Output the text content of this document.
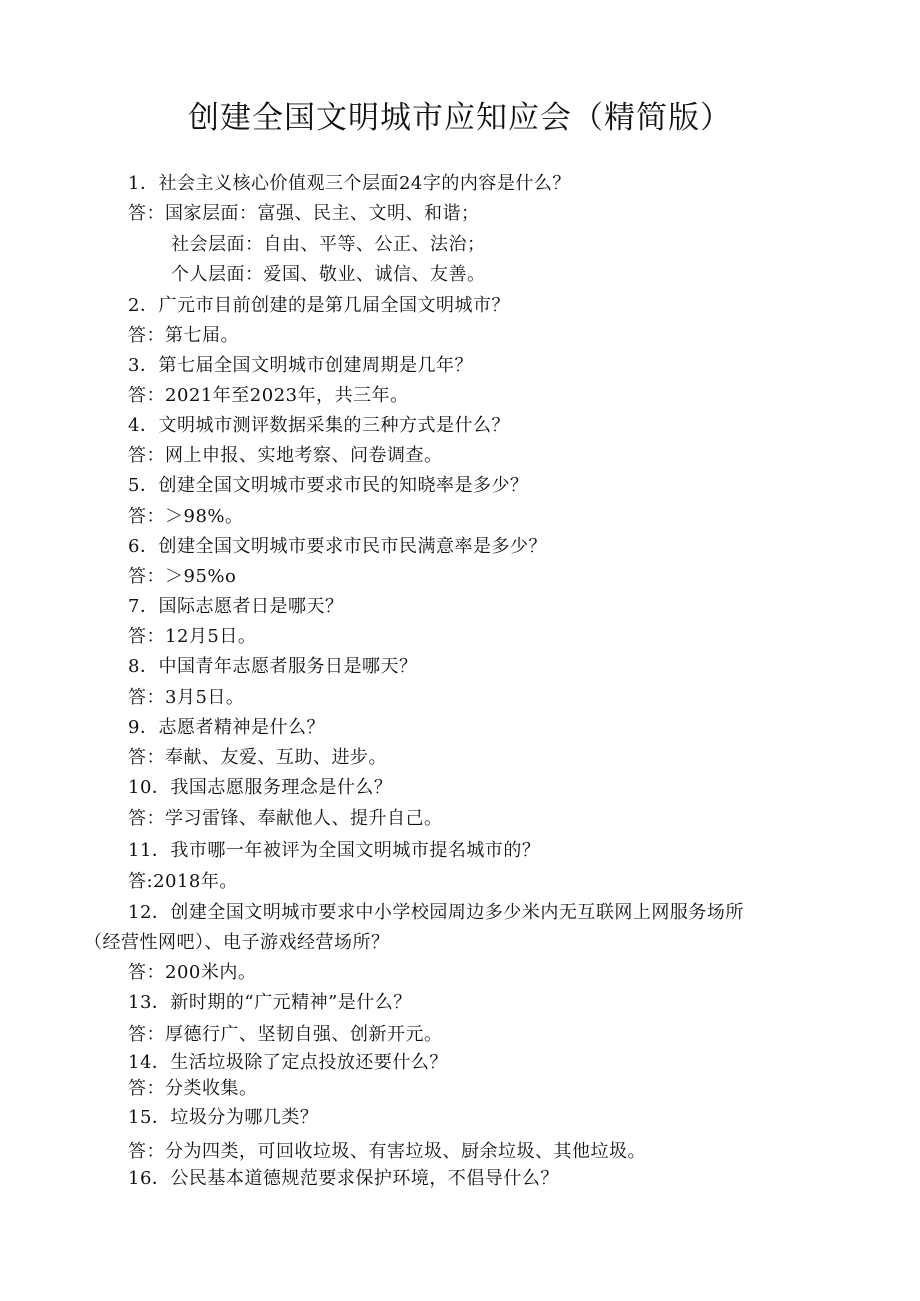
创建全国文明城市应知应会（精简版）
1．社会主义核心价值观三个层面24字的内容是什么？
答：国家层面：富强、民主、文明、和谐；
社会层面：自由、平等、公正、法治；
个人层面：爱国、敬业、诚信、友善。
2．广元市目前创建的是第几届全国文明城市？
答：第七届。
3．第七届全国文明城市创建周期是几年？
答：2021年至2023年，共三年。
4．文明城市测评数据采集的三种方式是什么？
答：网上申报、实地考察、问卷调查。
5．创建全国文明城市要求市民的知晓率是多少？
答：＞98%。
6．创建全国文明城市要求市民市民满意率是多少？
答：＞95%o
7．国际志愿者日是哪天？
答：12月5日。
8．中国青年志愿者服务日是哪天？
答：3月5日。
9．志愿者精神是什么？
答：奉献、友爱、互助、进步。
10．我国志愿服务理念是什么？
答：学习雷锋、奉献他人、提升自己。
11．我市哪一年被评为全国文明城市提名城市的？
答:2018年。
12．创建全国文明城市要求中小学校园周边多少米内无互联网上网服务场所
（经营性网吧）、电子游戏经营场所？
答：200米内。
13．新时期的“广元精神”是什么？
答：厚德行广、坚韧自强、创新开元。
14．生活垃圾除了定点投放还要什么？
答：分类收集。
15．垃圾分为哪几类？
答：分为四类，可回收垃圾、有害垃圾、厨余垃圾、其他垃圾。
16．公民基本道德规范要求保护环境，不倡导什么？
